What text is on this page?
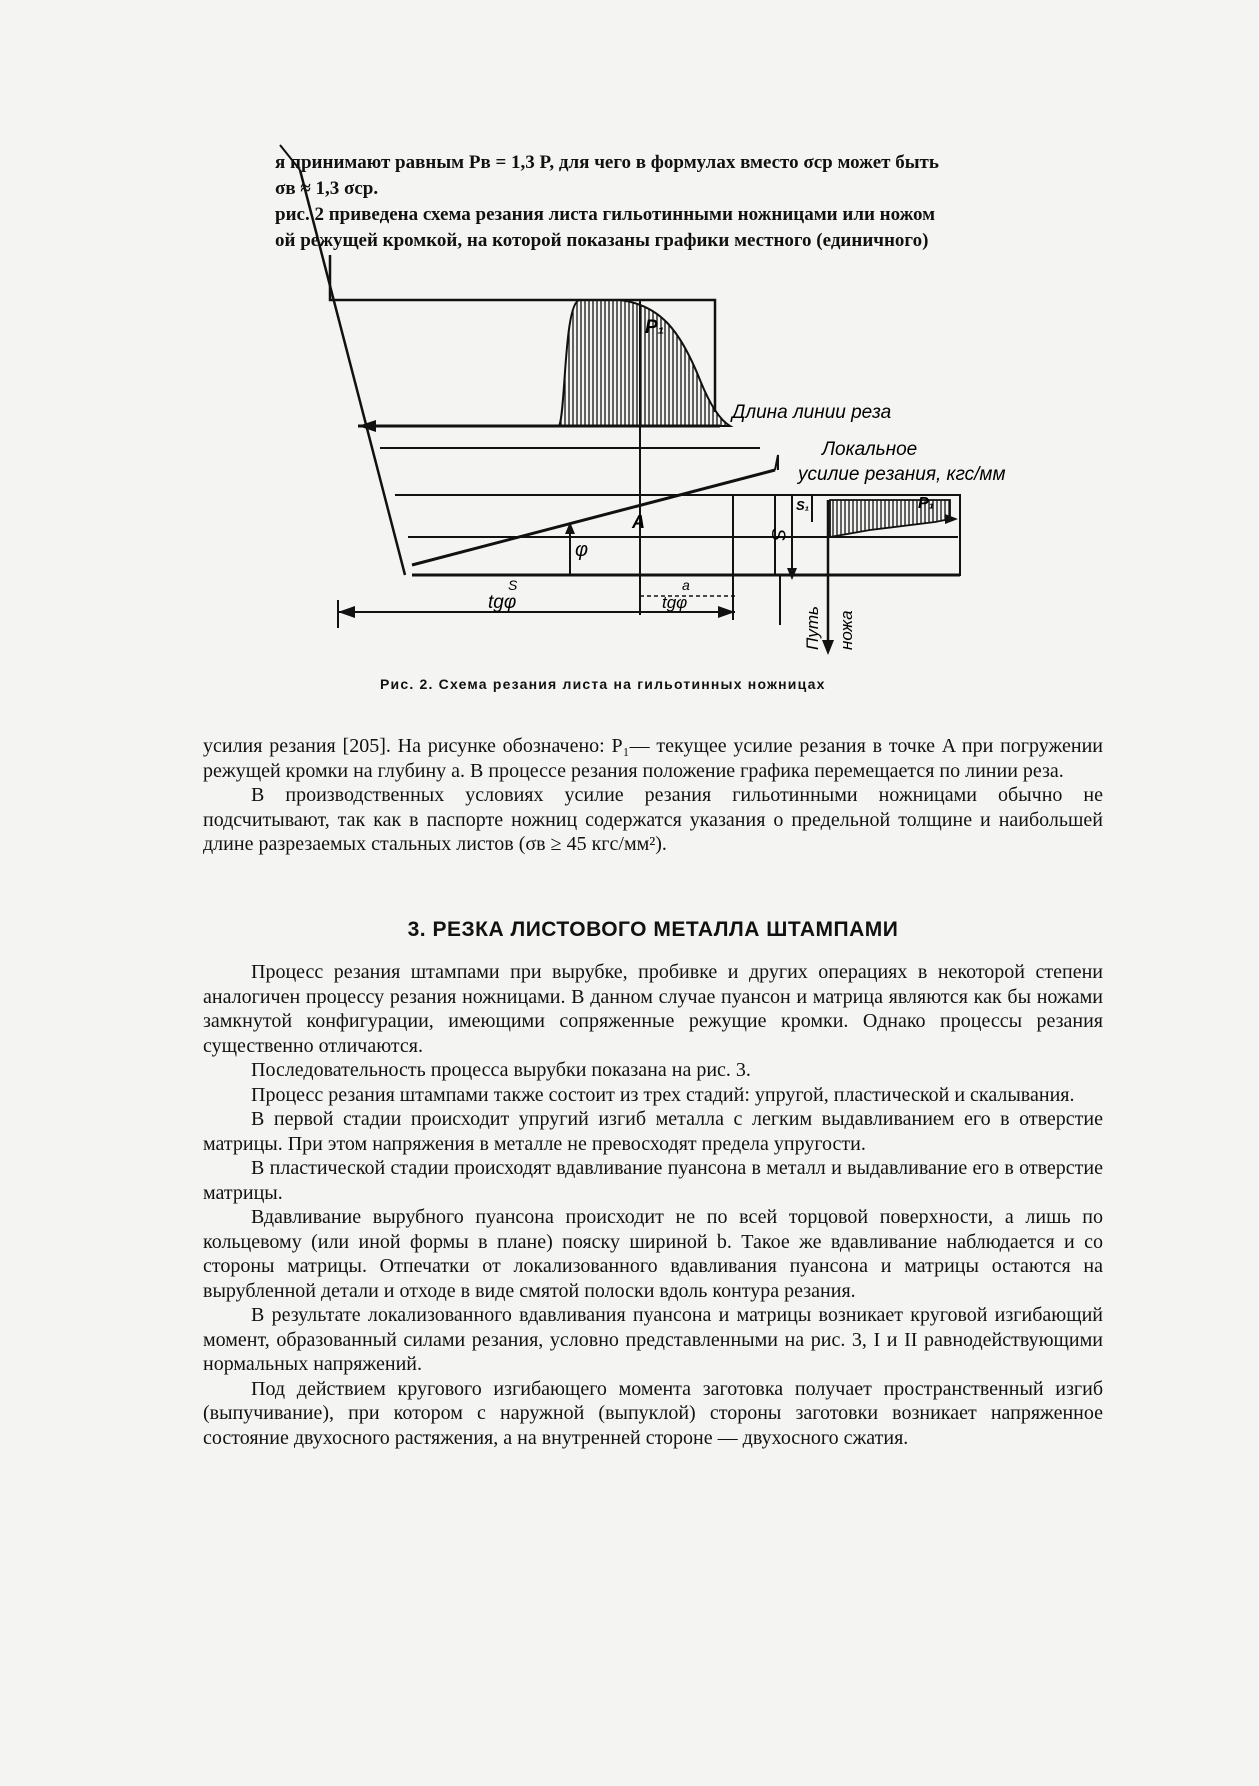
я принимают равным Pв = 1,3 P, для чего в формулах вместо σср может быть

σв ≈ 1,3 σср.

рис. 2 приведена схема резания листа гильотинными ножницами или ножом

ой режущей кромкой, на которой показаны графики местного (единичного)

Длина линии реза
Локальное
усилие резания, кгс/мм
P₁
P₁
A
φ
S
S₁
S
tgφ
a
tgφ
Путь ножа
Рис. 2. Схема резания листа на гильотинных ножницах

усилия резания [205]. На рисунке обозначено: P₁— текущее усилие резания в точке A при погружении режущей кромки на глубину a. В процессе резания положение графика перемещается по линии реза.

В производственных условиях усилие резания гильотинными ножницами обычно не подсчитывают, так как в паспорте ножниц содержатся указания о предельной толщине и наибольшей длине разрезаемых стальных листов (σв ≥ 45 кгс/мм²).

3. РЕЗКА ЛИСТОВОГО МЕТАЛЛА ШТАМПАМИ

Процесс резания штампами при вырубке, пробивке и других операциях в некоторой степени аналогичен процессу резания ножницами. В данном случае пуансон и матрица являются как бы ножами замкнутой конфигурации, имеющими сопряженные режущие кромки. Однако процессы резания существенно отличаются.

Последовательность процесса вырубки показана на рис. 3.

Процесс резания штампами также состоит из трех стадий: упругой, пластической и скалывания.

В первой стадии происходит упругий изгиб металла с легким выдавливанием его в отверстие матрицы. При этом напряжения в металле не превосходят предела упругости.

В пластической стадии происходят вдавливание пуансона в металл и выдавливание его в отверстие матрицы.

Вдавливание вырубного пуансона происходит не по всей торцовой поверхности, а лишь по кольцевому (или иной формы в плане) пояску шириной b. Такое же вдавливание наблюдается и со стороны матрицы. Отпечатки от локализованного вдавливания пуансона и матрицы остаются на вырубленной детали и отходе в виде смятой полоски вдоль контура резания.

В результате локализованного вдавливания пуансона и матрицы возникает круговой изгибающий момент, образованный силами резания, условно представленными на рис. 3, I и II равнодействующими нормальных напряжений.

Под действием кругового изгибающего момента заготовка получает пространственный изгиб (выпучивание), при котором с наружной (выпуклой) стороны заготовки возникает напряженное состояние двухосного растяжения, а на внутренней стороне — двухосного сжатия.
